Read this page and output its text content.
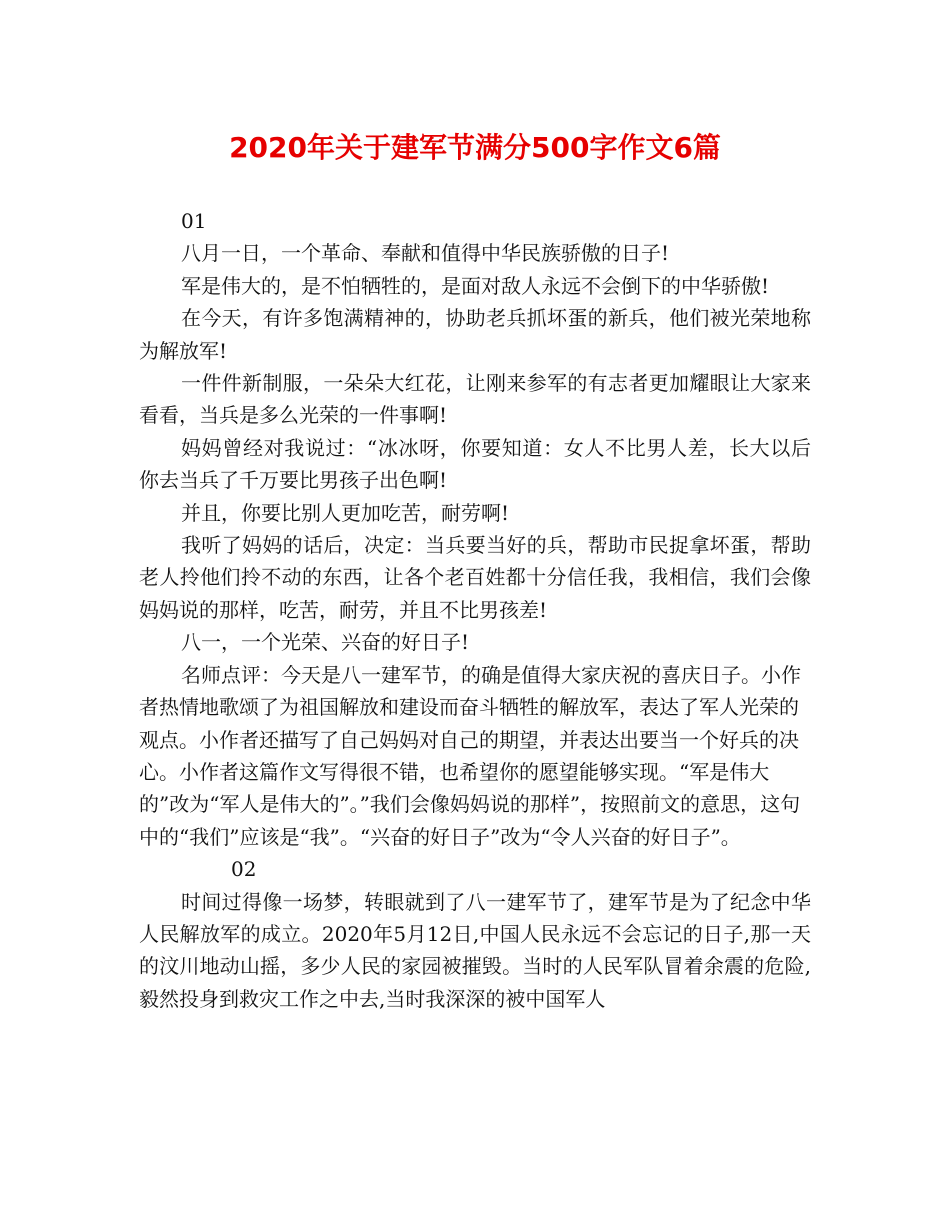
2020年关于建军节满分500字作文6篇

01

八月一日，一个革命、奉献和值得中华民族骄傲的日子!

军是伟大的，是不怕牺牲的，是面对敌人永远不会倒下的中华骄傲!

在今天，有许多饱满精神的，协助老兵抓坏蛋的新兵，他们被光荣地称为解放军!

一件件新制服，一朵朵大红花，让刚来参军的有志者更加耀眼让大家来看看，当兵是多么光荣的一件事啊!

妈妈曾经对我说过：“冰冰呀，你要知道：女人不比男人差，长大以后你去当兵了千万要比男孩子出色啊!

并且，你要比别人更加吃苦，耐劳啊!

我听了妈妈的话后，决定：当兵要当好的兵，帮助市民捉拿坏蛋，帮助老人拎他们拎不动的东西，让各个老百姓都十分信任我，我相信，我们会像妈妈说的那样，吃苦，耐劳，并且不比男孩差!

八一，一个光荣、兴奋的好日子!

名师点评：今天是八一建军节，的确是值得大家庆祝的喜庆日子。小作者热情地歌颂了为祖国解放和建设而奋斗牺牲的解放军，表达了军人光荣的观点。小作者还描写了自己妈妈对自己的期望，并表达出要当一个好兵的决心。小作者这篇作文写得很不错，也希望你的愿望能够实现。“军是伟大的”改为“军人是伟大的”。”我们会像妈妈说的那样”，按照前文的意思，这句中的“我们”应该是“我”。“兴奋的好日子”改为“令人兴奋的好日子”。02

时间过得像一场梦，转眼就到了八一建军节了，建军节是为了纪念中华人民解放军的成立。2020年5月12日,中国人民永远不会忘记的日子,那一天的汶川地动山摇，多少人民的家园被摧毁。当时的人民军队冒着余震的危险,毅然投身到救灾工作之中去,当时我深深的被中国军人
